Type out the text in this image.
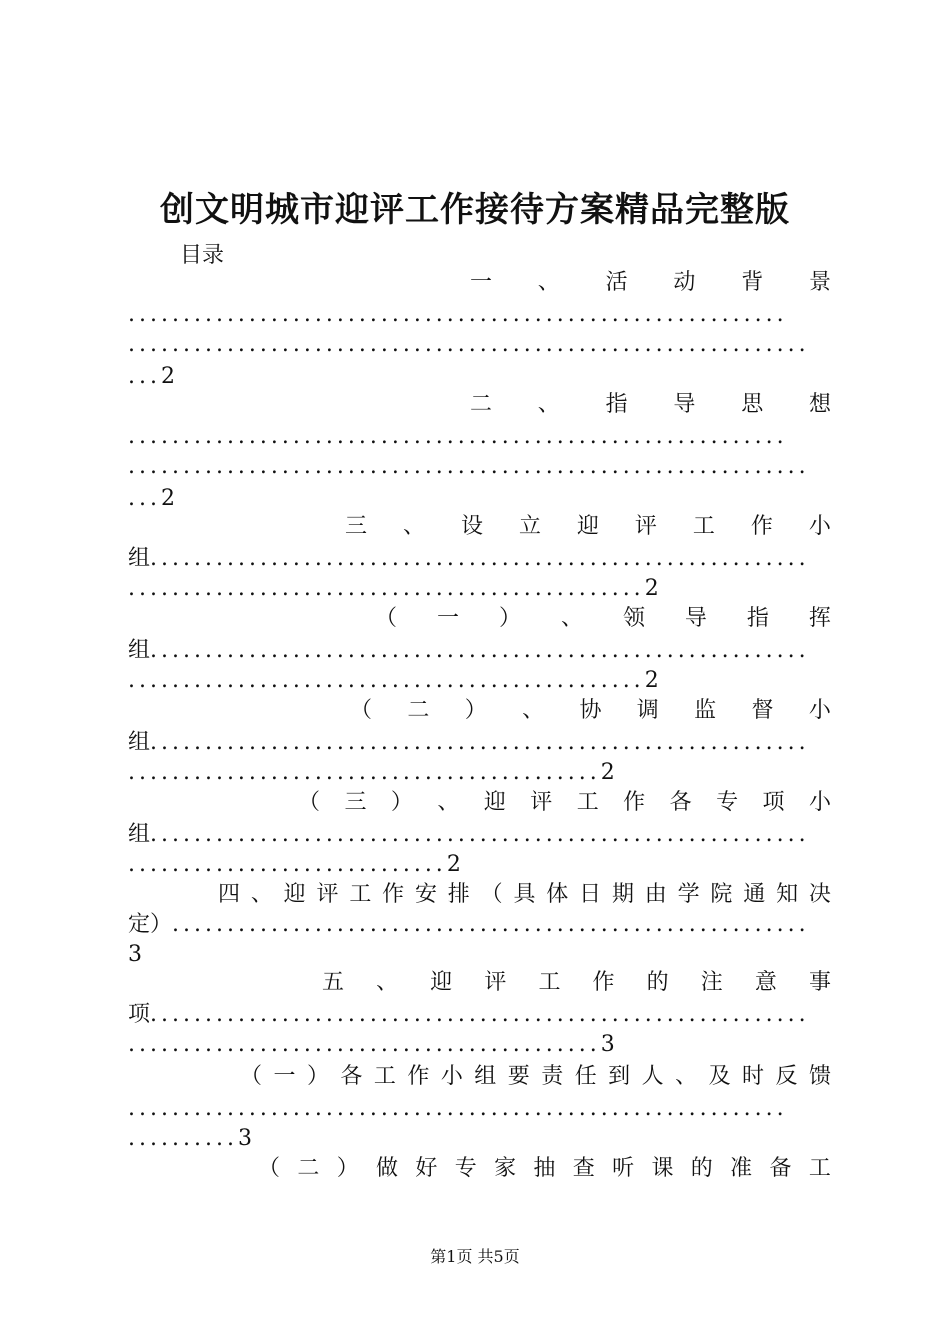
创文明城市迎评工作接待方案精品完整版
目录
一 、 活 动 背 景
............................................................
..............................................................
...2
二 、 指 导 思 想
............................................................
..............................................................
...2
三 、 设 立 迎 评 工 作 小
组............................................................
...............................................2
（ 一 ） 、 领 导 指 挥
组............................................................
...............................................2
（ 二 ） 、 协 调 监 督 小
组............................................................
...........................................2
（ 三 ） 、 迎 评 工 作 各 专 项 小
组............................................................
.............................2
四 、 迎 评 工 作 安 排 （ 具 体 日 期 由 学 院 通 知 决
定）..........................................................
3
五 、 迎 评 工 作 的 注 意 事
项............................................................
...........................................3
（ 一 ） 各 工 作 小 组 要 责 任 到 人 、 及 时 反 馈
............................................................
..........3
（ 二 ） 做 好 专 家 抽 查 听 课 的 准 备 工
第1页 共5页
